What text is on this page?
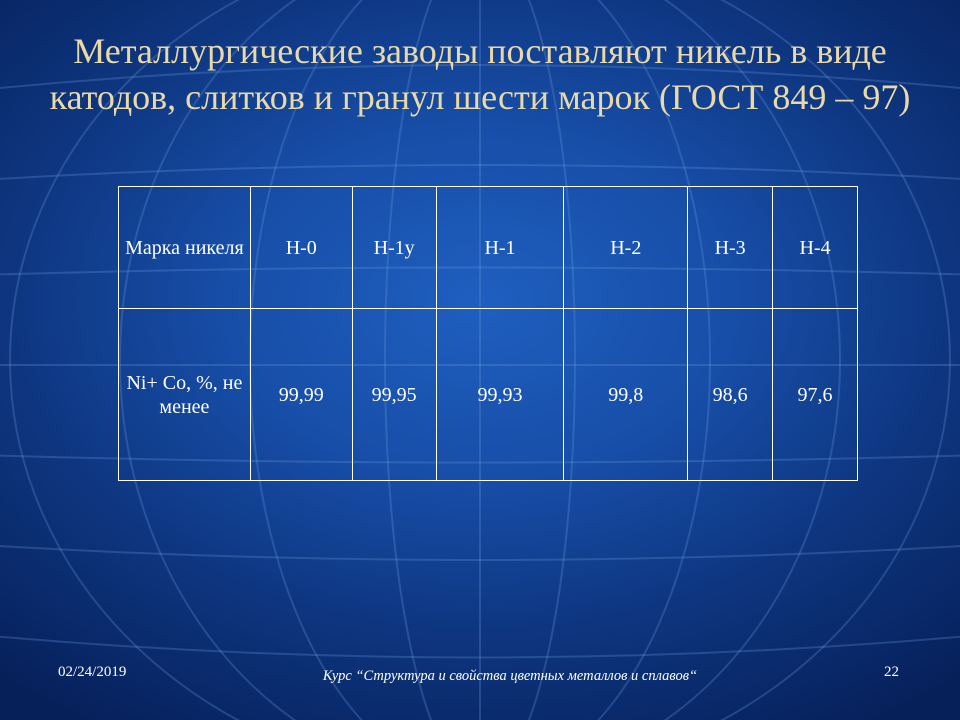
Металлургические заводы поставляют никель в виде катодов, слитков и гранул шести марок (ГОСТ 849 – 97)
Марка никеля	Н-0	Н-1у	Н-1	Н-2	Н-3	Н-4
Ni+ Co, %, не менее	99,99	99,95	99,93	99,8	98,6	97,6
02/24/2019	Курс “Структура и свойства цветных металлов и сплавов“	22
